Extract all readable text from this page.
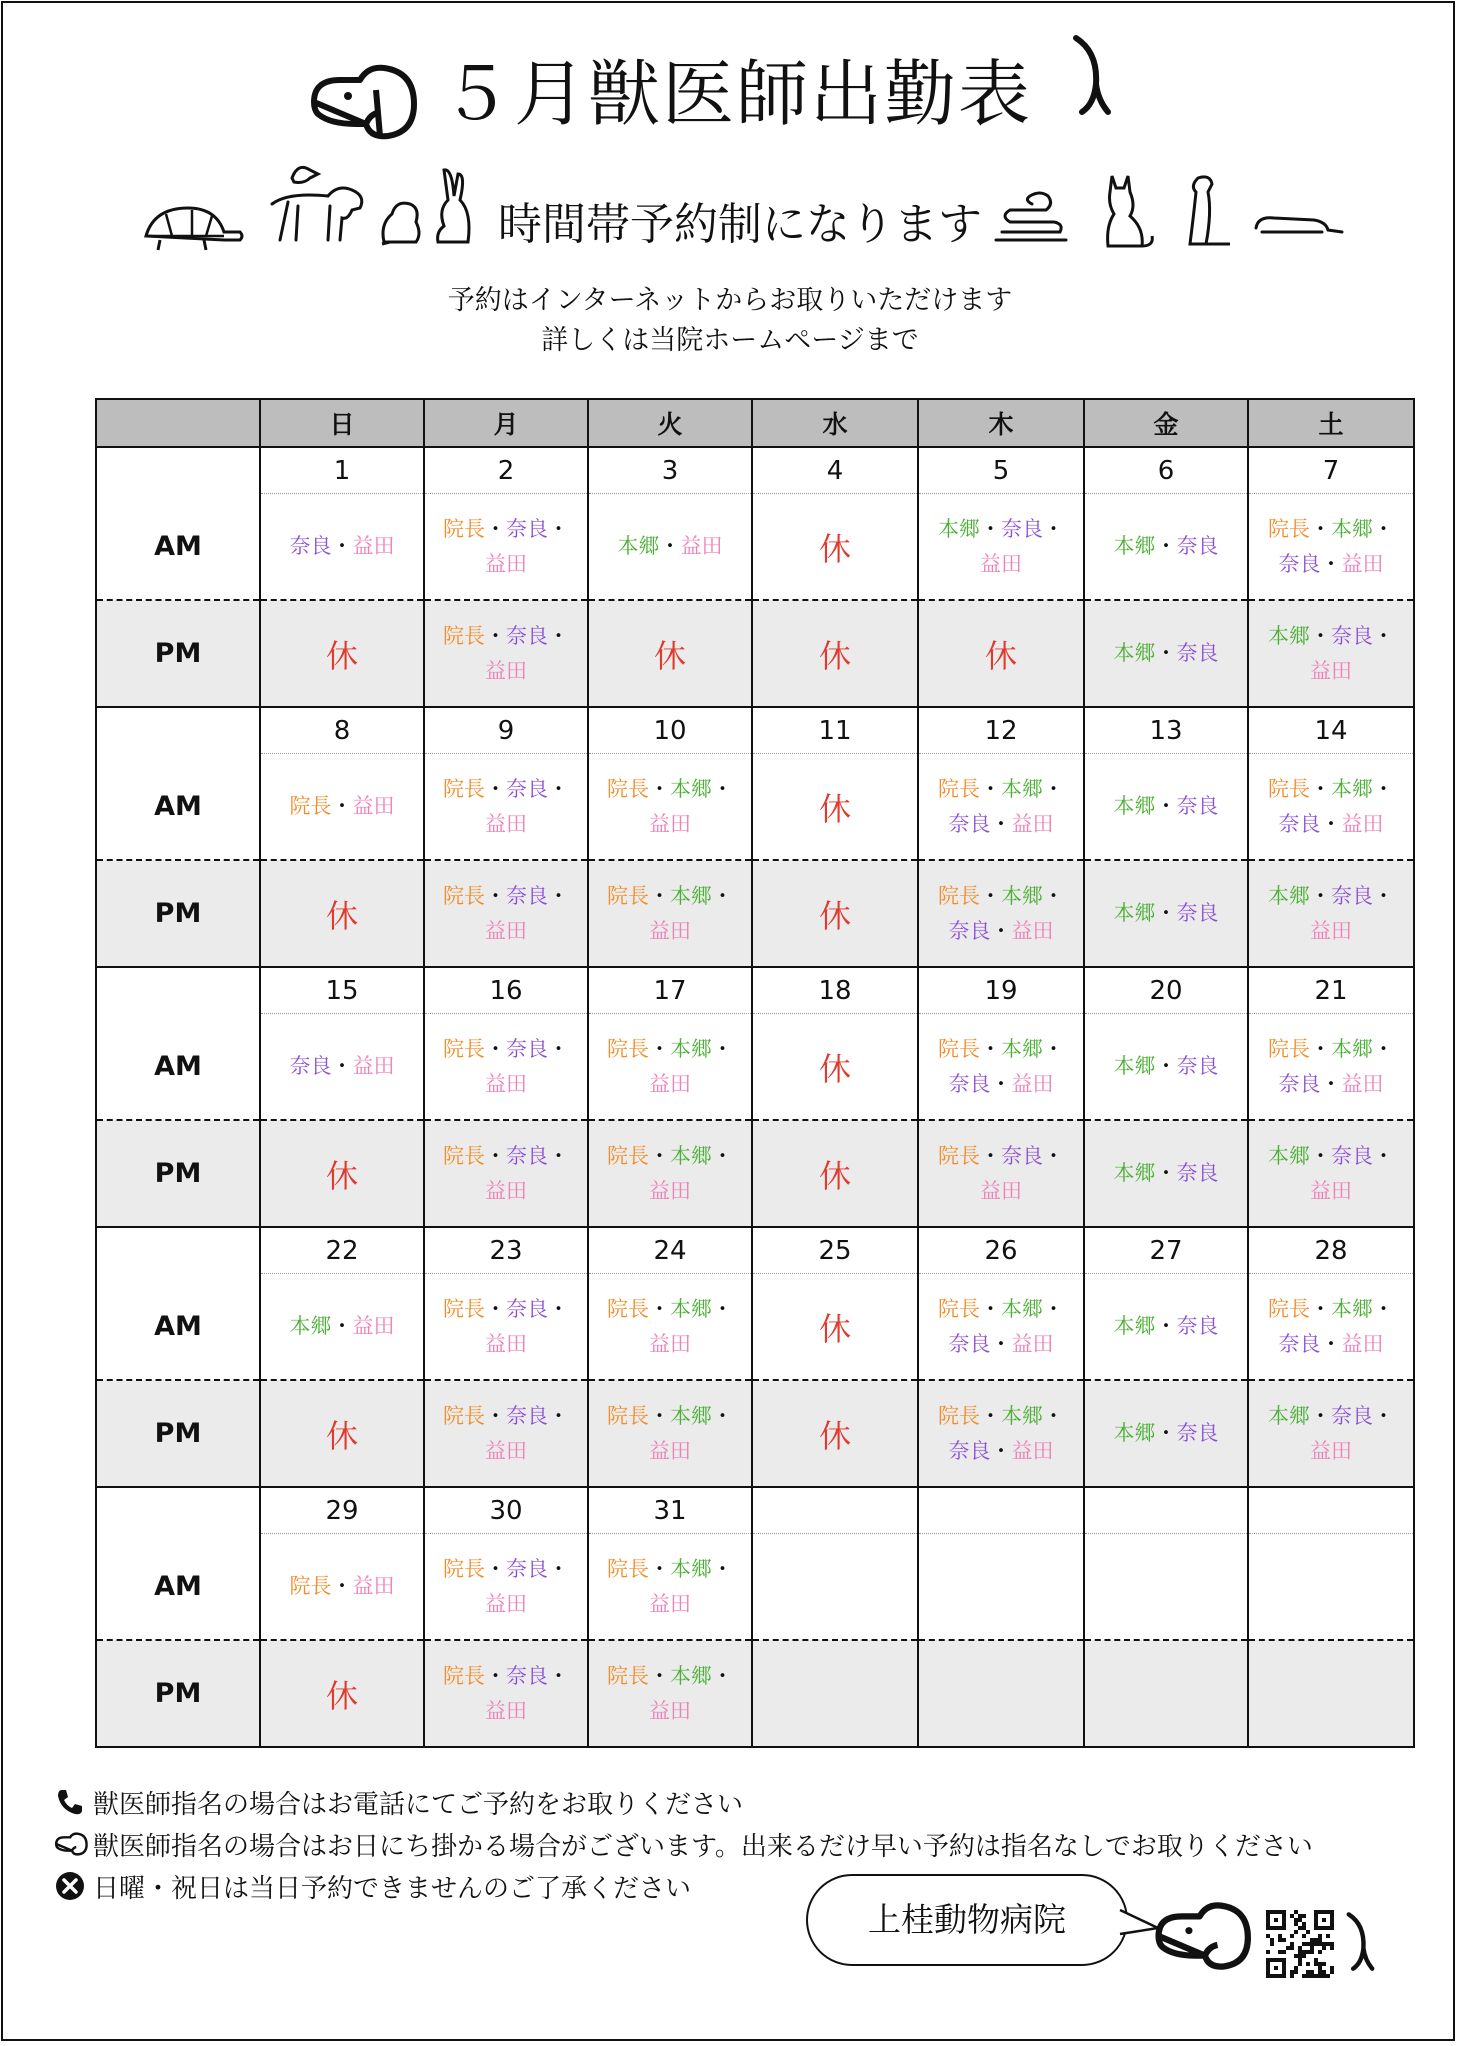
５月獣医師出勤表
時間帯予約制になります
予約はインターネットからお取りいただけます
詳しくは当院ホームページまで
	日	月	火	水	木	金	土
	1	2	3	4	5	6	7
AM	奈良・益田	院長・奈良・益田	本郷・益田	休	本郷・奈良・益田	本郷・奈良	院長・本郷・奈良・益田
PM	休	院長・奈良・益田	休	休	休	本郷・奈良	本郷・奈良・益田
	8	9	10	11	12	13	14
AM	院長・益田	院長・奈良・益田	院長・本郷・益田	休	院長・本郷・奈良・益田	本郷・奈良	院長・本郷・奈良・益田
PM	休	院長・奈良・益田	院長・本郷・益田	休	院長・本郷・奈良・益田	本郷・奈良	本郷・奈良・益田
	15	16	17	18	19	20	21
AM	奈良・益田	院長・奈良・益田	院長・本郷・益田	休	院長・本郷・奈良・益田	本郷・奈良	院長・本郷・奈良・益田
PM	休	院長・奈良・益田	院長・本郷・益田	休	院長・奈良・益田	本郷・奈良	本郷・奈良・益田
	22	23	24	25	26	27	28
AM	本郷・益田	院長・奈良・益田	院長・本郷・益田	休	院長・本郷・奈良・益田	本郷・奈良	院長・本郷・奈良・益田
PM	休	院長・奈良・益田	院長・本郷・益田	休	院長・本郷・奈良・益田	本郷・奈良	本郷・奈良・益田
	29	30	31				
AM	院長・益田	院長・奈良・益田	院長・本郷・益田				
PM	休	院長・奈良・益田	院長・本郷・益田				
獣医師指名の場合はお電話にてご予約をお取りください
獣医師指名の場合はお日にち掛かる場合がございます。出来るだけ早い予約は指名なしでお取りください
日曜・祝日は当日予約できませんのご了承ください
上桂動物病院
